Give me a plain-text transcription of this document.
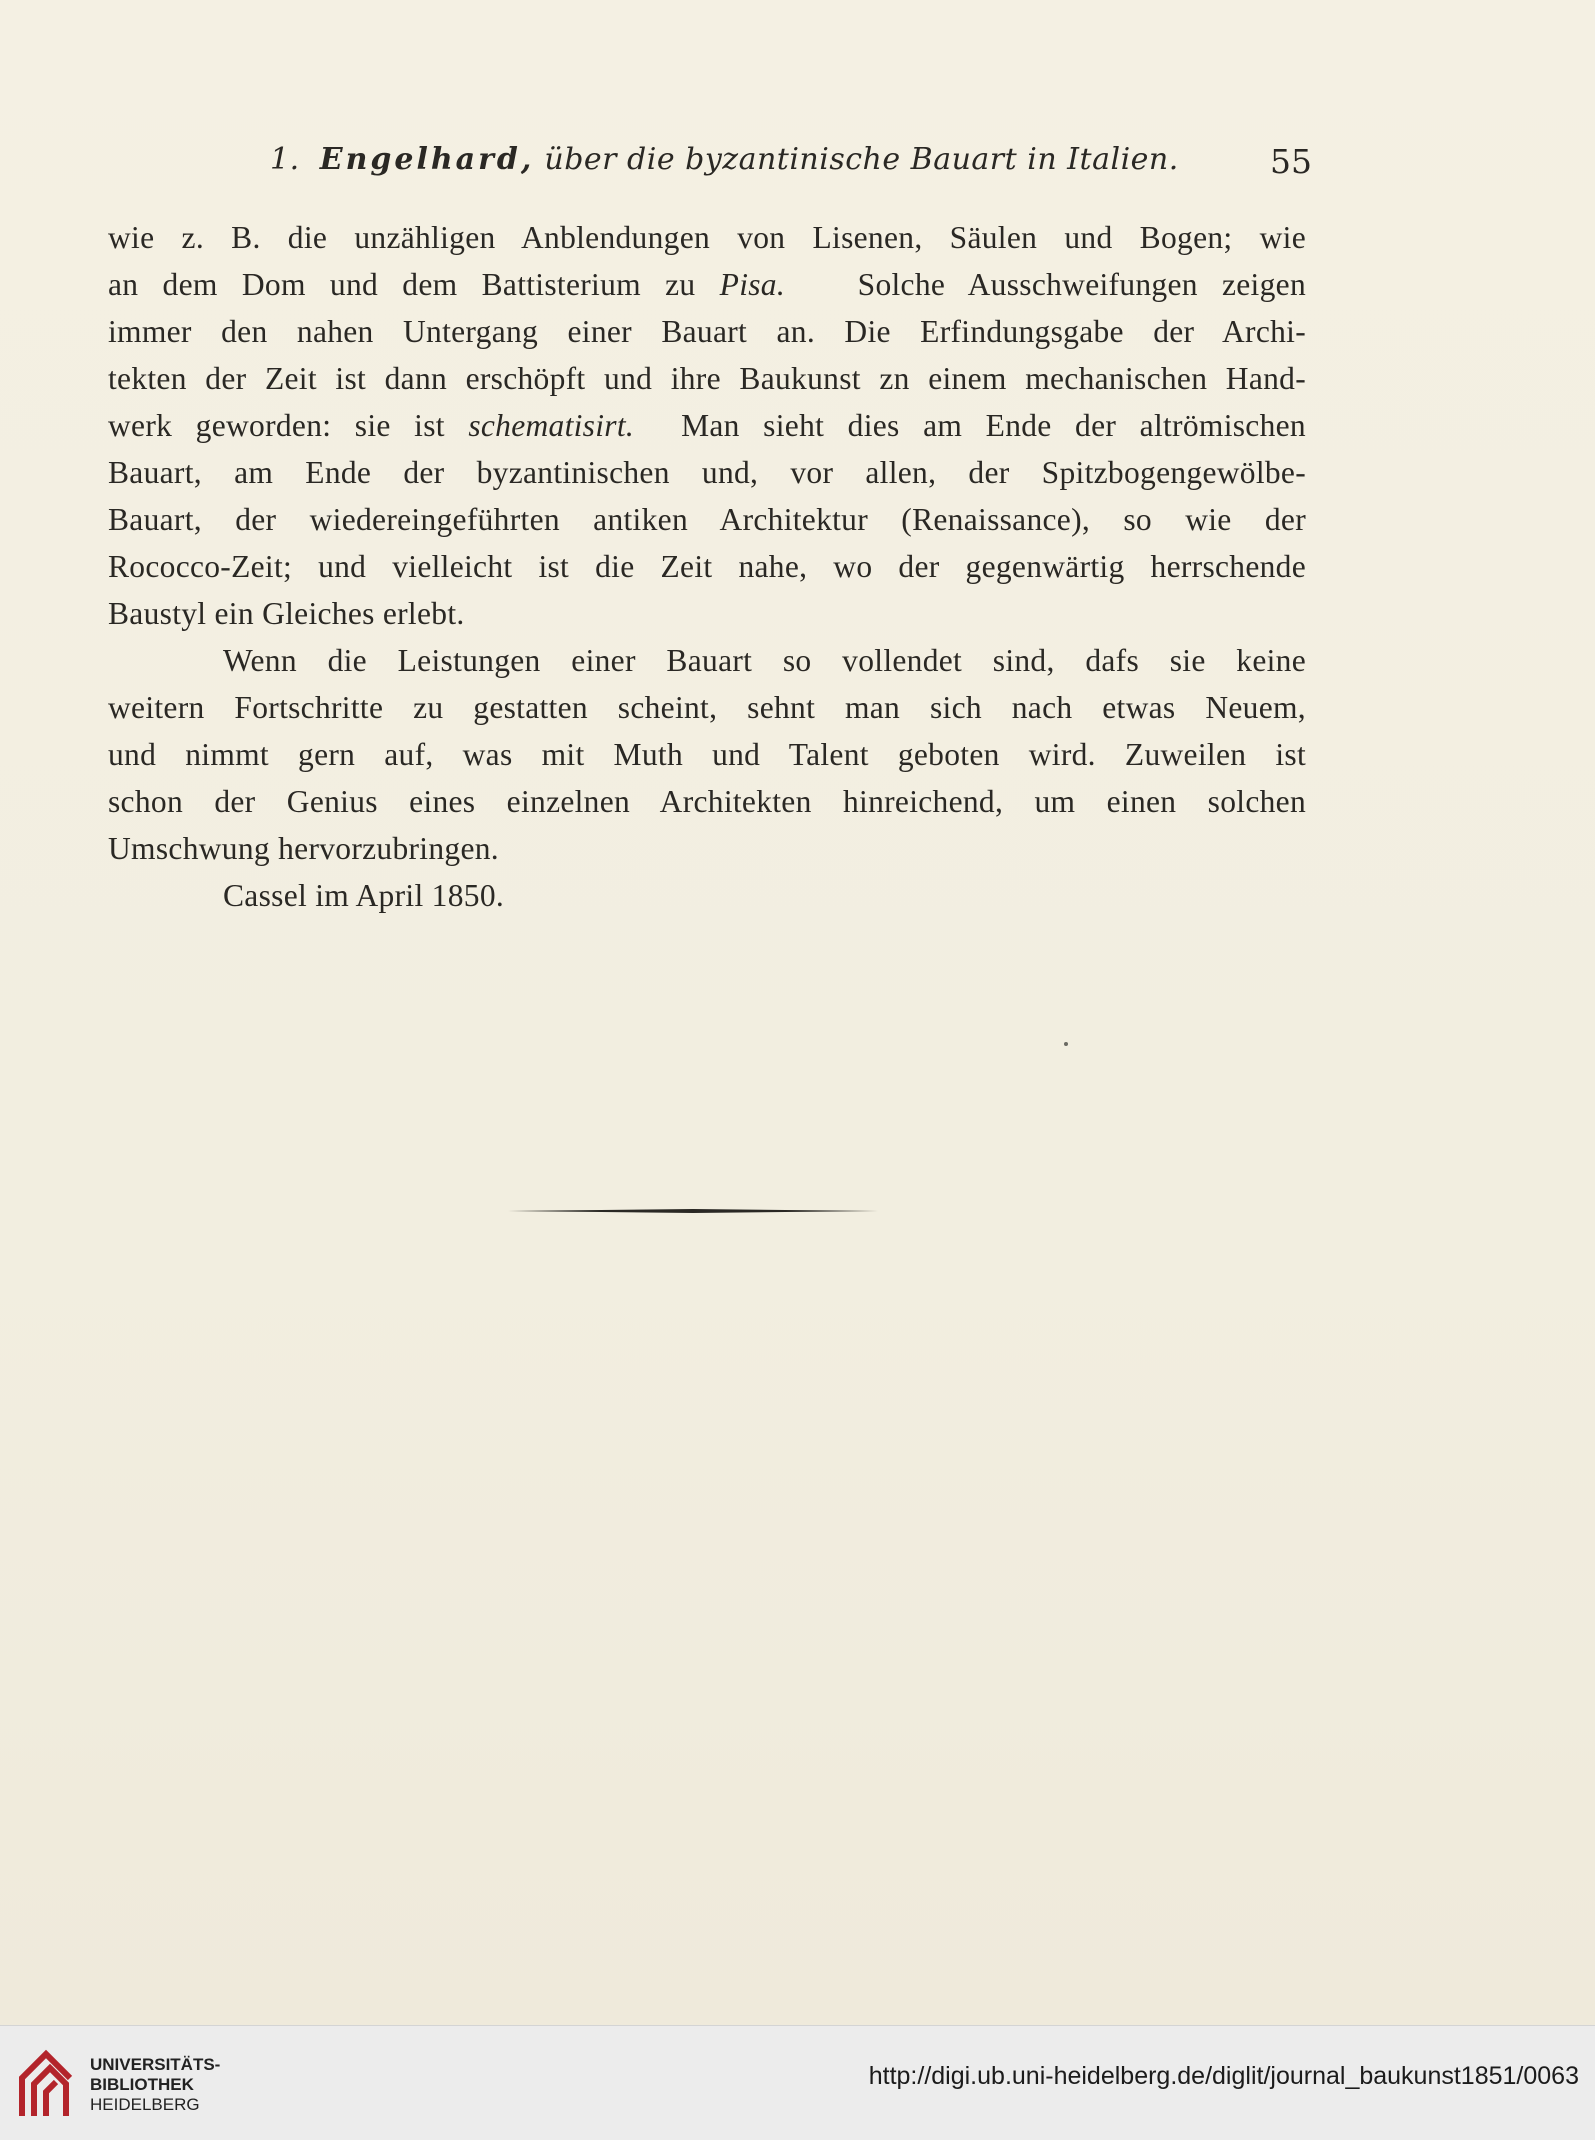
1. Engelhard, über die byzantinische Bauart in Italien.	55
wie z. B. die unzähligen Anblendungen von Lisenen, Säulen und Bogen; wie
an dem Dom und dem Battisterium zu Pisa. Solche Ausschweifungen zeigen
immer den nahen Untergang einer Bauart an. Die Erfindungsgabe der Archi-
tekten der Zeit ist dann erschöpft und ihre Baukunst zn einem mechanischen Hand-
werk geworden: sie ist schematisirt. Man sieht dies am Ende der altrömischen
Bauart, am Ende der byzantinischen und, vor allen, der Spitzbogengewölbe-
Bauart, der wiedereingeführten antiken Architektur (Renaissance), so wie der
Rococco-Zeit; und vielleicht ist die Zeit nahe, wo der gegenwärtig herrschende
Baustyl ein Gleiches erlebt.
Wenn die Leistungen einer Bauart so vollendet sind, dafs sie keine
weitern Fortschritte zu gestatten scheint, sehnt man sich nach etwas Neuem,
und nimmt gern auf, was mit Muth und Talent geboten wird. Zuweilen ist
schon der Genius eines einzelnen Architekten hinreichend, um einen solchen
Umschwung hervorzubringen.
Cassel im April 1850.
UNIVERSITÄTS-
BIBLIOTHEK
HEIDELBERG
http://digi.ub.uni-heidelberg.de/diglit/journal_baukunst1851/0063
